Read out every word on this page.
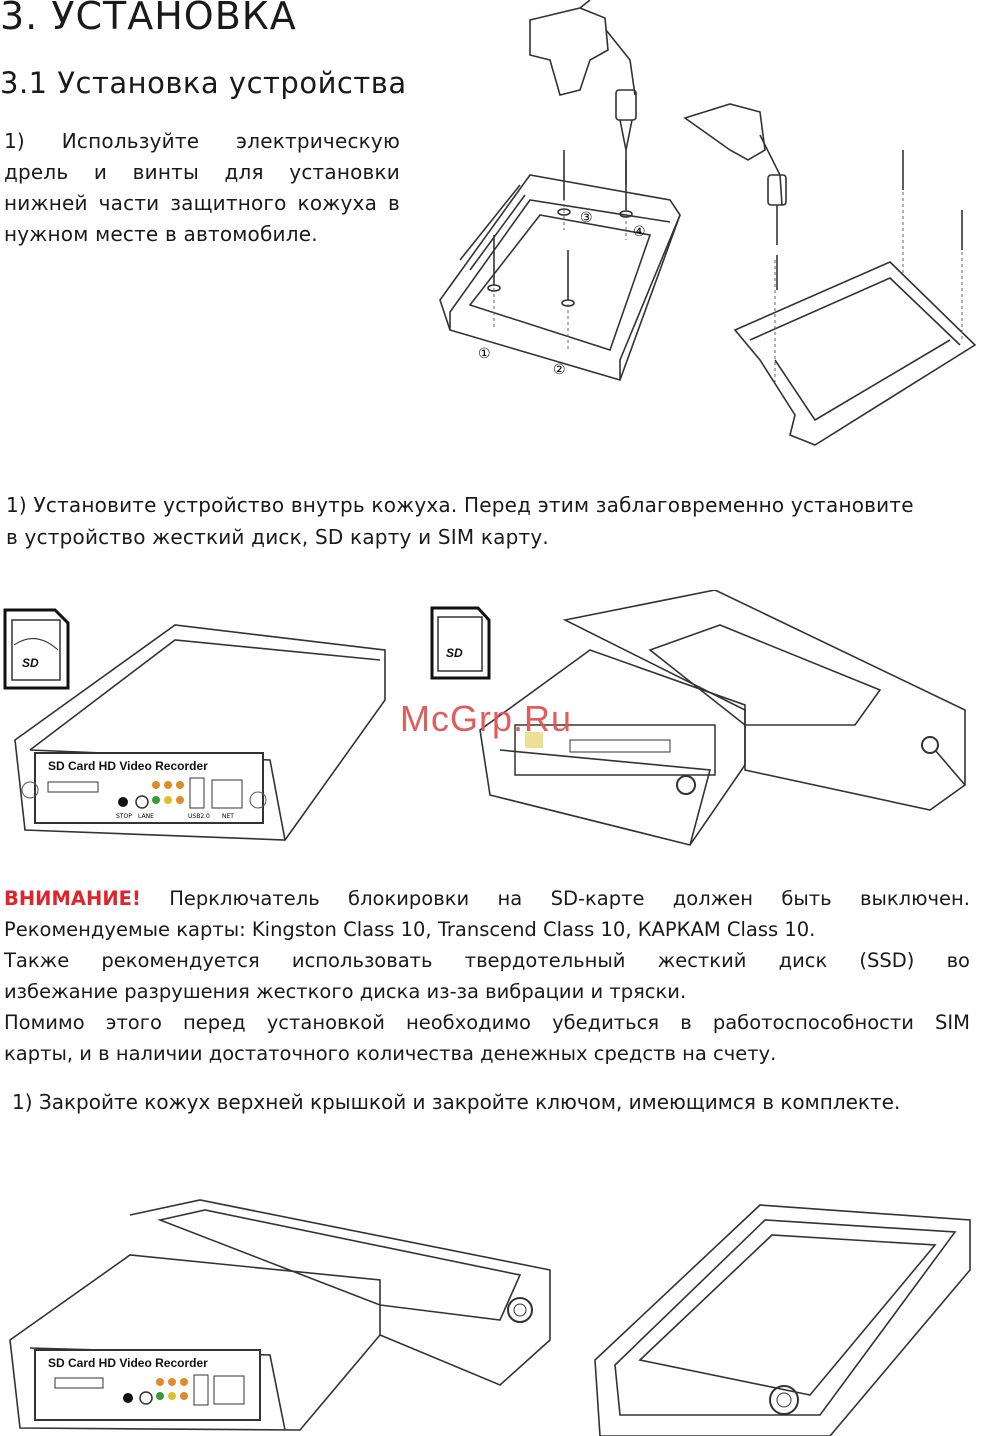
3. УСТАНОВКА
3.1 Установка устройства
1) Используйте электрическую дрель и винты для установки нижней части защитного кожуха в нужном месте в автомобиле.
③
④
①
②
1) Установите устройство внутрь кожуха. Перед этим заблаговременно установите
в устройство жесткий диск, SD карту и SIM карту.
SD
SD Card HD Video Recorder
STOP LANE	USB2.0 NET
SD
McGrp.Ru
ВНИМАНИЕ! Перключатель блокировки на SD-карте должен быть выключен.
Рекомендуемые карты: Kingston Class 10, Transcend Class 10, КАРКАМ Class 10.
Также рекомендуется использовать твердотельный жесткий диск (SSD) во
избежание разрушения жесткого диска из-за вибрации и тряски.
Помимо этого перед установкой необходимо убедиться в работоспособности SIM
карты, и в наличии достаточного количества денежных средств на счету.
1) Закройте кожух верхней крышкой и закройте ключом, имеющимся в комплекте.
SD Card HD Video Recorder
